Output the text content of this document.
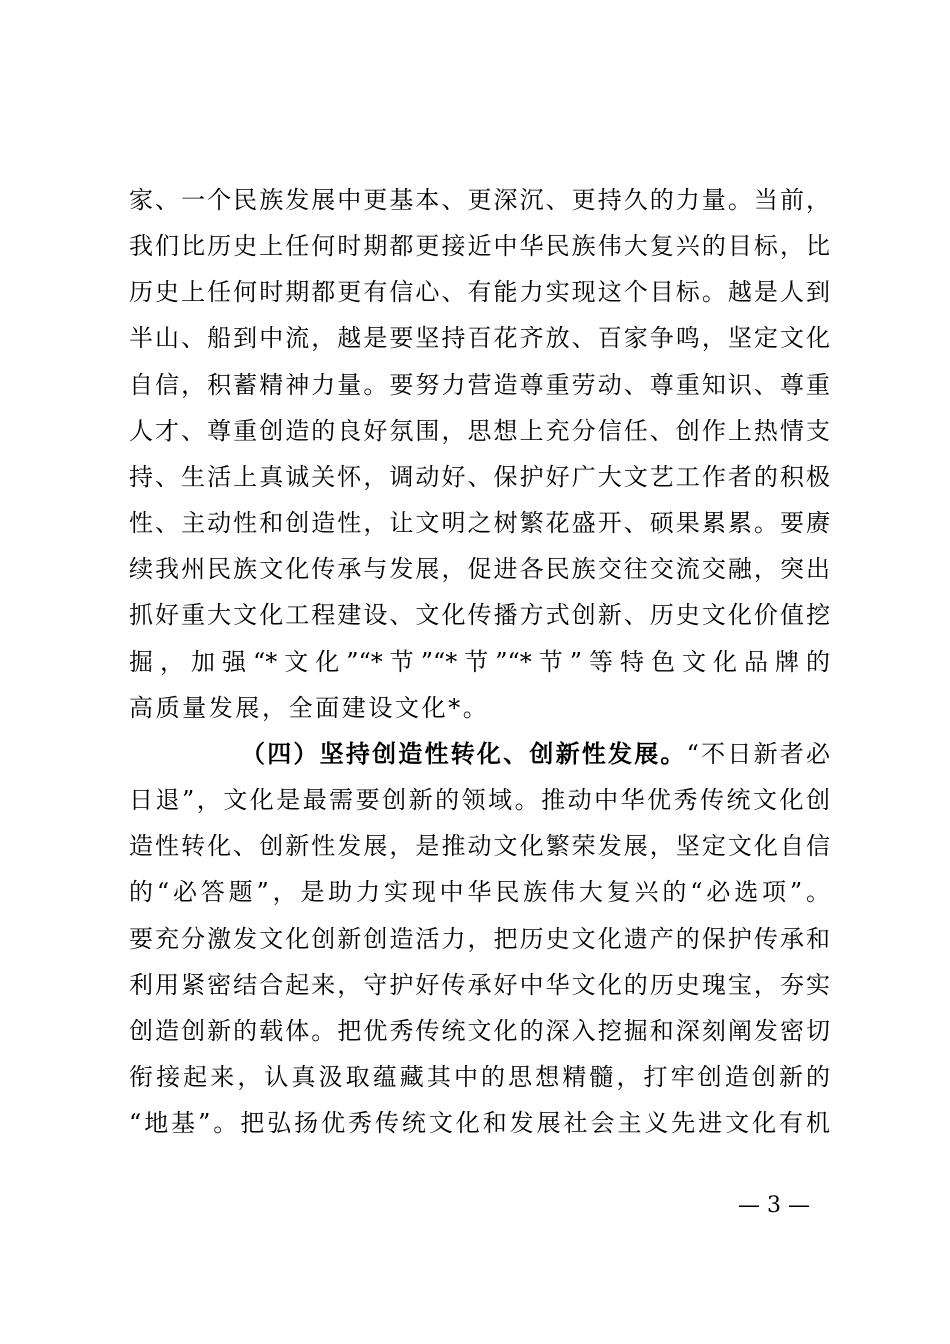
家、一个民族发展中更基本、更深沉、更持久的力量。当前，
我们比历史上任何时期都更接近中华民族伟大复兴的目标，比
历史上任何时期都更有信心、有能力实现这个目标。越是人到
半山、船到中流，越是要坚持百花齐放、百家争鸣，坚定文化
自信，积蓄精神力量。要努力营造尊重劳动、尊重知识、尊重
人才、尊重创造的良好氛围，思想上充分信任、创作上热情支
持、生活上真诚关怀，调动好、保护好广大文艺工作者的积极
性、主动性和创造性，让文明之树繁花盛开、硕果累累。要赓
续我州民族文化传承与发展，促进各民族交往交流交融，突出
抓好重大文化工程建设、文化传播方式创新、历史文化价值挖
掘，加强“*文化”“*节”“*节”“*节”等特色文化品牌的
高质量发展，全面建设文化*。
（四）坚持创造性转化、创新性发展。“不日新者必
日退”，文化是最需要创新的领域。推动中华优秀传统文化创
造性转化、创新性发展，是推动文化繁荣发展，坚定文化自信
的“必答题”，是助力实现中华民族伟大复兴的“必选项”。
要充分激发文化创新创造活力，把历史文化遗产的保护传承和
利用紧密结合起来，守护好传承好中华文化的历史瑰宝，夯实
创造创新的载体。把优秀传统文化的深入挖掘和深刻阐发密切
衔接起来，认真汲取蕴藏其中的思想精髓，打牢创造创新的
“地基”。把弘扬优秀传统文化和发展社会主义先进文化有机
— 3 —
